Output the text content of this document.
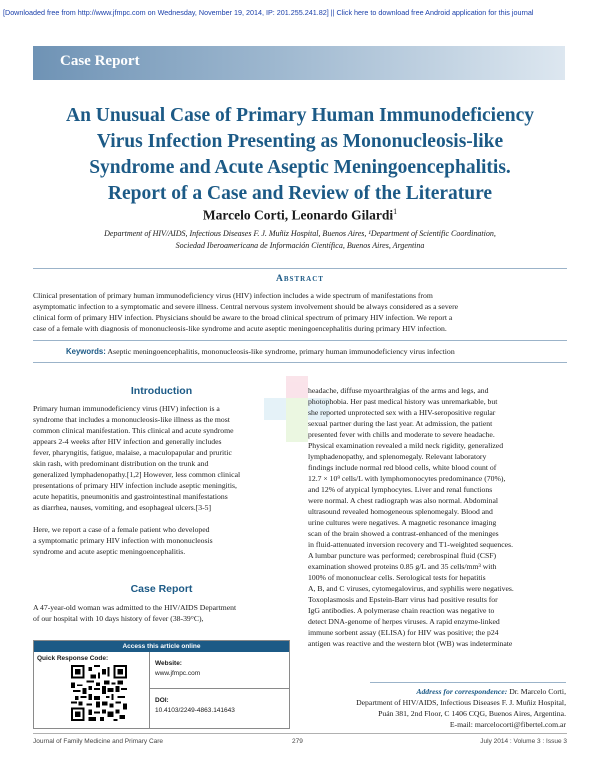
[Downloaded free from http://www.jfmpc.com on Wednesday, November 19, 2014, IP: 201.255.241.82] || Click here to download free Android application for this journal
Case Report
An Unusual Case of Primary Human Immunodeficiency
Virus Infection Presenting as Mononucleosis-like
Syndrome and Acute Aseptic Meningoencephalitis.
Report of a Case and Review of the Literature
Marcelo Corti, Leonardo Gilardi$^1$
Department of HIV/AIDS, Infectious Diseases F. J. Muñiz Hospital, Buenos Aires, ¹Department of Scientific Coordination,
Sociedad Iberoamericana de Información Científica, Buenos Aires, Argentina
Abstract
Clinical presentation of primary human immunodeficiency virus (HIV) infection includes a wide spectrum of manifestations from
asymptomatic infection to a symptomatic and severe illness. Central nervous system involvement should be always considered as a severe
clinical form of primary HIV infection. Physicians should be aware to the broad clinical spectrum of primary HIV infection. We report a
case of a female with diagnosis of mononucleosis-like syndrome and acute aseptic meningoencephalitis during primary HIV infection.
Keywords: Aseptic meningoencephalitis, mononucleosis-like syndrome, primary human immunodeficiency virus infection
Introduction
Primary human immunodeficiency virus (HIV) infection is a
syndrome that includes a mononucleosis-like illness as the most
common clinical manifestation. This clinical and acute syndrome
appears 2-4 weeks after HIV infection and generally includes
fever, pharyngitis, fatigue, malaise, a maculopapular and pruritic
skin rash, with predominant distribution on the trunk and
generalized lymphadenopathy.[1,2] However, less common clinical
presentations of primary HIV infection include aseptic meningitis,
acute hepatitis, pneumonitis and gastrointestinal manifestations
as diarrhea, nauses, vomiting, and esophageal ulcers.[3-5]
Here, we report a case of a female patient who developed
a symptomatic primary HIV infection with mononucleosis
syndrome and acute aseptic meningoencephalitis.
Case Report
A 47-year-old woman was admitted to the HIV/AIDS Department
of our hospital with 10 days history of fever (38-39°C),
Access this article online
Quick Response Code:
Website:
www.jfmpc.com
DOI:
10.4103/2249-4863.141643
headache, diffuse myoarthralgias of the arms and legs, and
photophobia. Her past medical history was unremarkable, but
she reported unprotected sex with a HIV-seropositive regular
sexual partner during the last year. At admission, the patient
presented fever with chills and moderate to severe headache.
Physical examination revealed a mild neck rigidity, generalized
lymphadenopathy, and splenomegaly. Relevant laboratory
findings include normal red blood cells, white blood count of
12.7 × 10⁹ cells/L with lymphomonocytes predominance (70%),
and 12% of atypical lymphocytes. Liver and renal functions
were normal. A chest radiograph was also normal. Abdominal
ultrasound revealed homogeneous splenomegaly. Blood and
urine cultures were negatives. A magnetic resonance imaging
scan of the brain showed a contrast-enhanced of the meninges
in fluid-attenuated inversion recovery and T1-weighted sequences.
A lumbar puncture was performed; cerebrospinal fluid (CSF)
examination showed proteins 0.85 g/L and 35 cells/mm³ with
100% of mononuclear cells. Serological tests for hepatitis
A, B, and C viruses, cytomegalovirus, and syphilis were negatives.
Toxoplasmosis and Epstein-Barr virus had positive results for
IgG antibodies. A polymerase chain reaction was negative to
detect DNA-genome of herpes viruses. A rapid enzyme-linked
immune sorbent assay (ELISA) for HIV was positive; the p24
antigen was reactive and the western blot (WB) was indeterminate
Address for correspondence: Dr. Marcelo Corti,
Department of HIV/AIDS, Infectious Diseases F. J. Muñiz Hospital,
Puán 381, 2nd Floor, C 1406 CQG, Buenos Aires, Argentina.
E-mail: marcelocorti@fibertel.com.ar
Journal of Family Medicine and Primary Care	279	July 2014 : Volume 3 : Issue 3
